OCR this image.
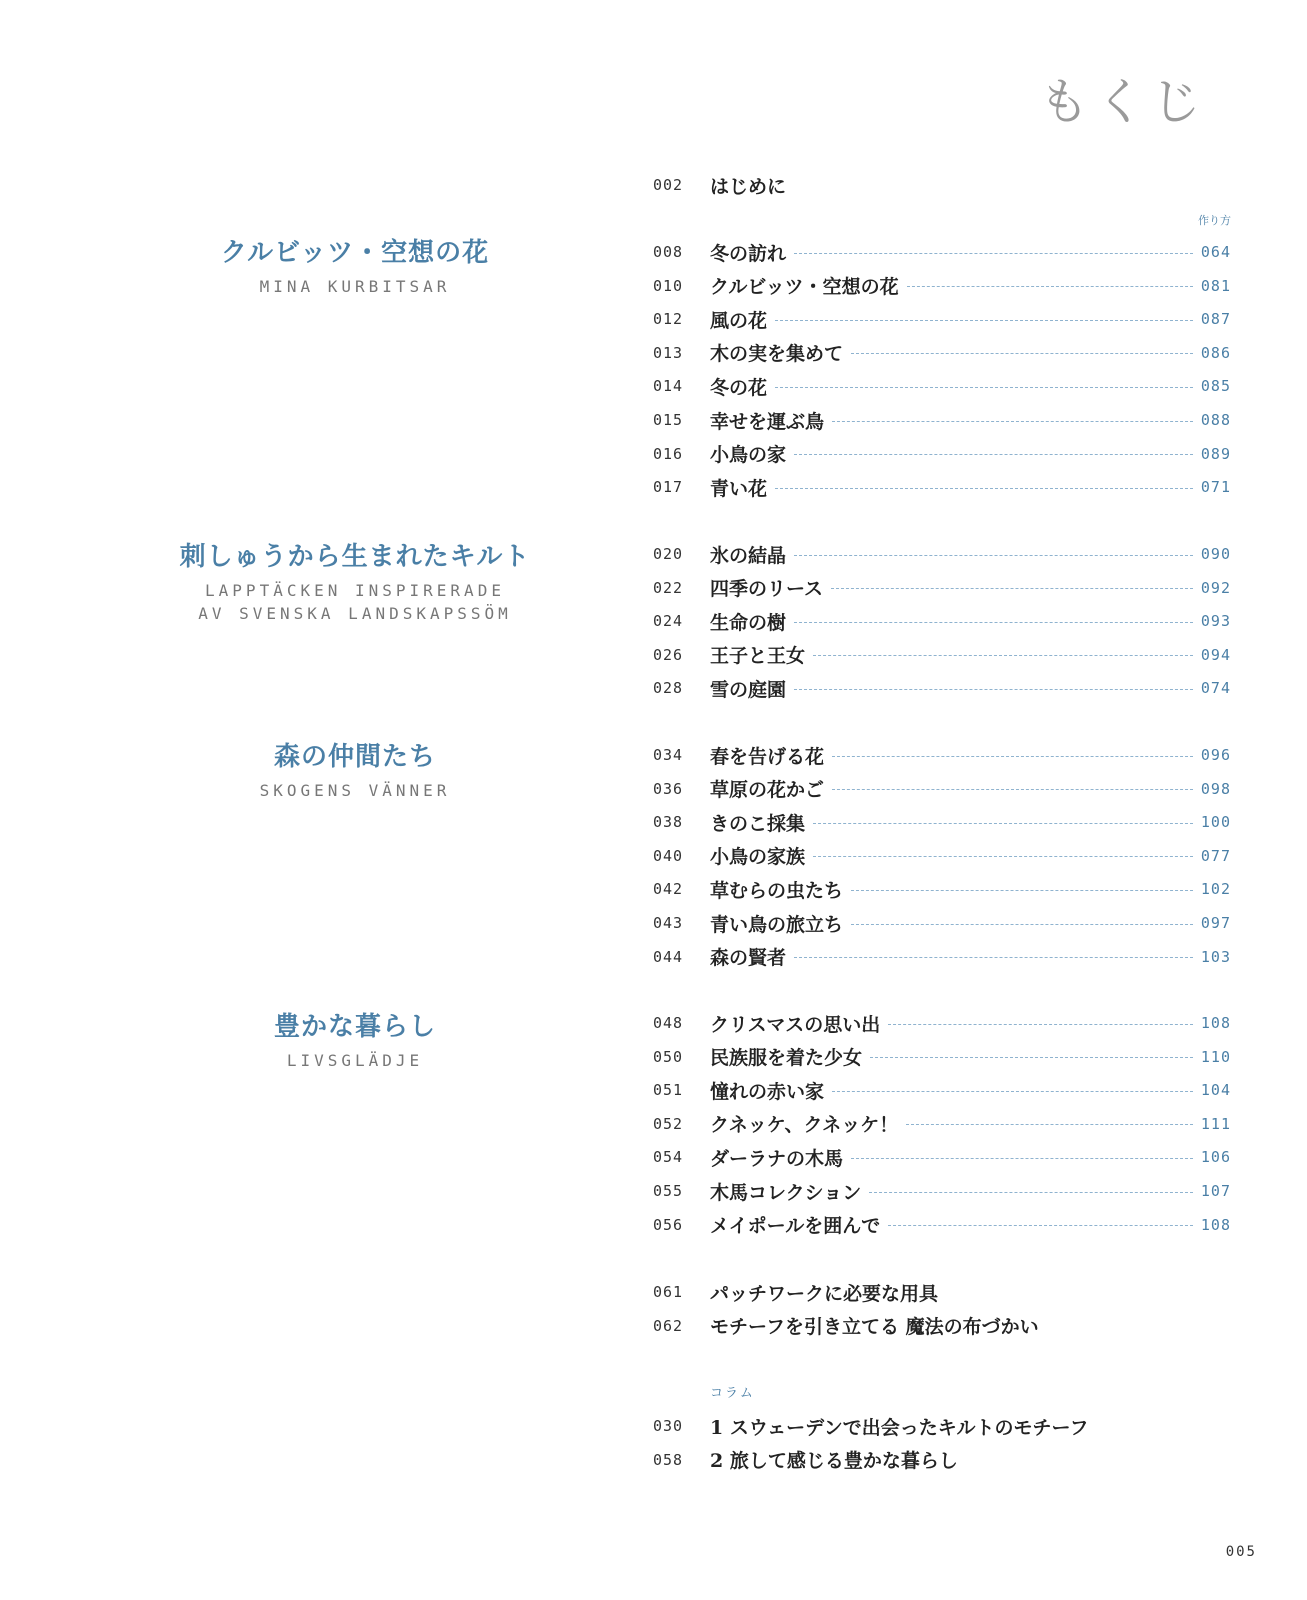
もくじ
クルビッツ・空想の花
MINA KURBITSAR
刺しゅうから生まれたキルト
LAPPTÄCKEN INSPIRERADE
AV SVENSKA LANDSKAPSSÖM
森の仲間たち
SKOGENS VÄNNER
豊かな暮らし
LIVSGLÄDJE
作り方
002	はじめに
コラム
008	冬の訪れ	064
010	クルビッツ・空想の花	081
012	風の花	087
013	木の実を集めて	086
014	冬の花	085
015	幸せを運ぶ鳥	088
016	小鳥の家	089
017	青い花	071
020	氷の結晶	090
022	四季のリース	092
024	生命の樹	093
026	王子と王女	094
028	雪の庭園	074
034	春を告げる花	096
036	草原の花かご	098
038	きのこ採集	100
040	小鳥の家族	077
042	草むらの虫たち	102
043	青い鳥の旅立ち	097
044	森の賢者	103
048	クリスマスの思い出	108
050	民族服を着た少女	110
051	憧れの赤い家	104
052	クネッケ、クネッケ！	111
054	ダーラナの木馬	106
055	木馬コレクション	107
056	メイポールを囲んで	108
061	パッチワークに必要な用具
062	モチーフを引き立てる 魔法の布づかい
030	1 スウェーデンで出会ったキルトのモチーフ
058	2 旅して感じる豊かな暮らし
005
